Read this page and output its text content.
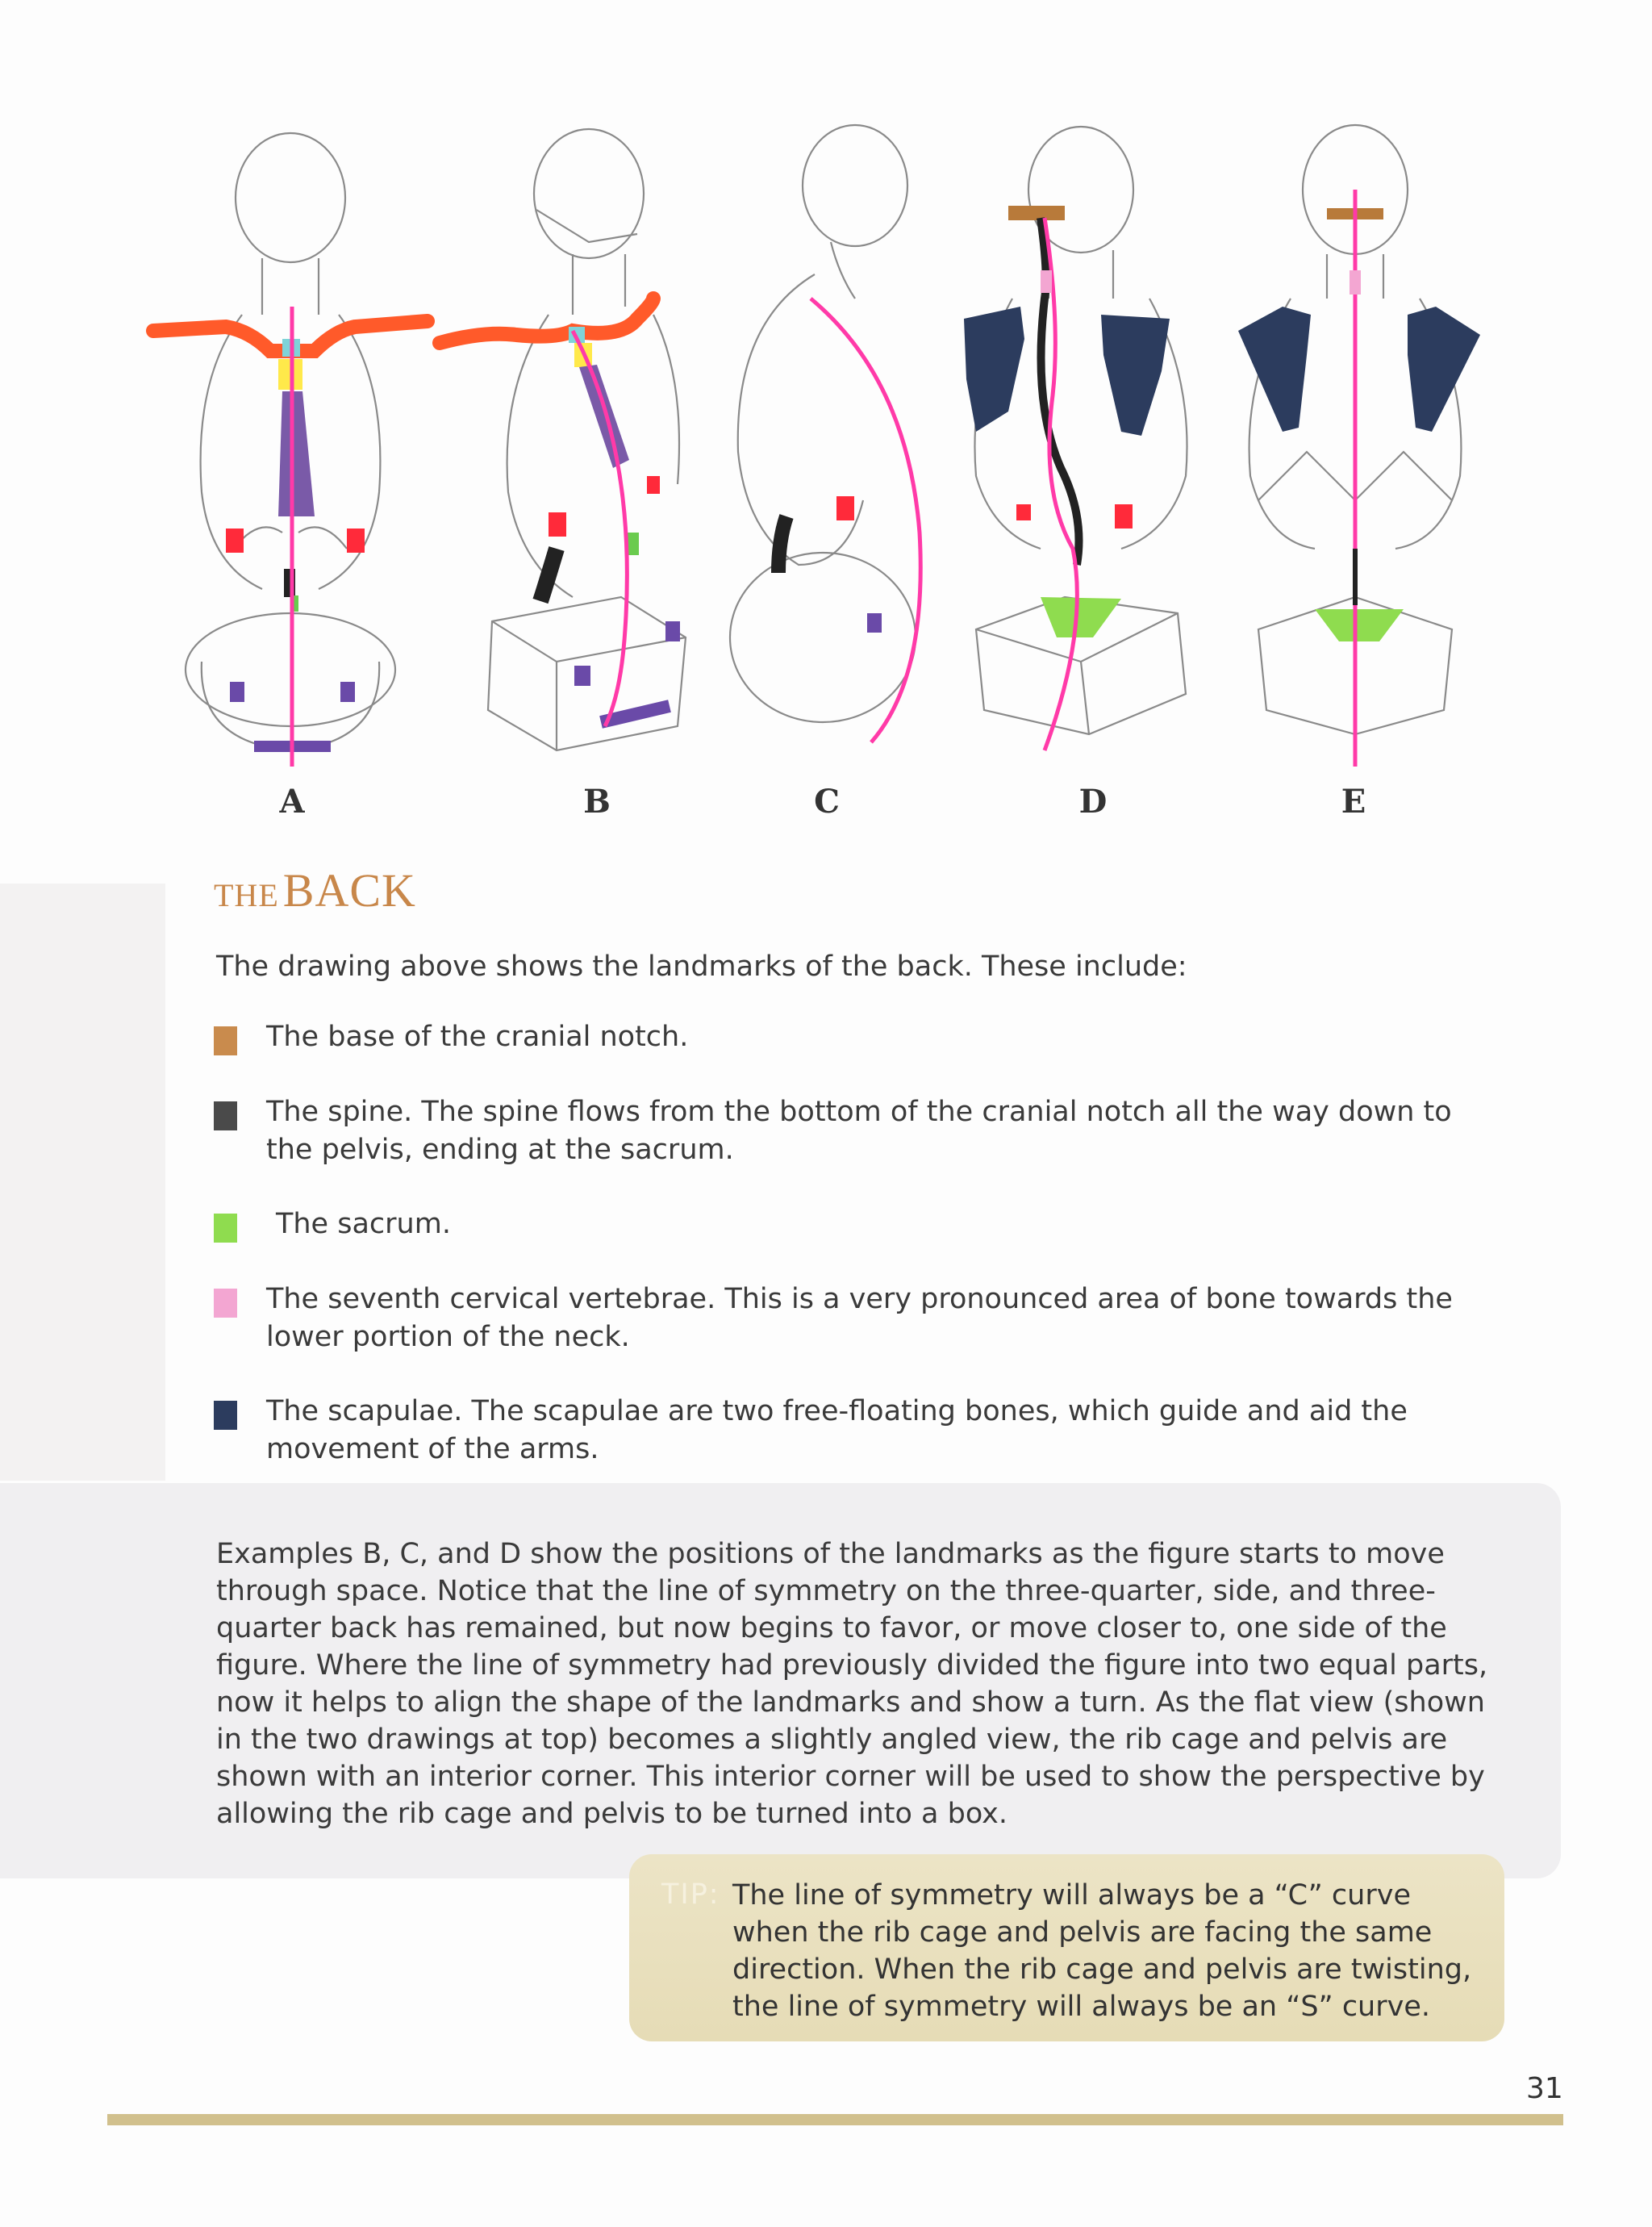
A	B	C	D	E
THE BACK
The drawing above shows the landmarks of the back. These include:
The base of the cranial notch.
The spine. The spine flows from the bottom of the cranial notch all the way down to the pelvis, ending at the sacrum.
The sacrum.
The seventh cervical vertebrae. This is a very pronounced area of bone towards the lower portion of the neck.
The scapulae. The scapulae are two free-floating bones, which guide and aid the movement of the arms.
Examples B, C, and D show the positions of the landmarks as the figure starts to move through space. Notice that the line of symmetry on the three-quarter, side, and three-quarter back has remained, but now begins to favor, or move closer to, one side of the figure. Where the line of symmetry had previously divided the figure into two equal parts, now it helps to align the shape of the landmarks and show a turn. As the flat view (shown in the two drawings at top) becomes a slightly angled view, the rib cage and pelvis are shown with an interior corner. This interior corner will be used to show the perspective by allowing the rib cage and pelvis to be turned into a box.
TIP: The line of symmetry will always be a “C” curve when the rib cage and pelvis are facing the same direction. When the rib cage and pelvis are twisting, the line of symmetry will always be an “S” curve.
31
